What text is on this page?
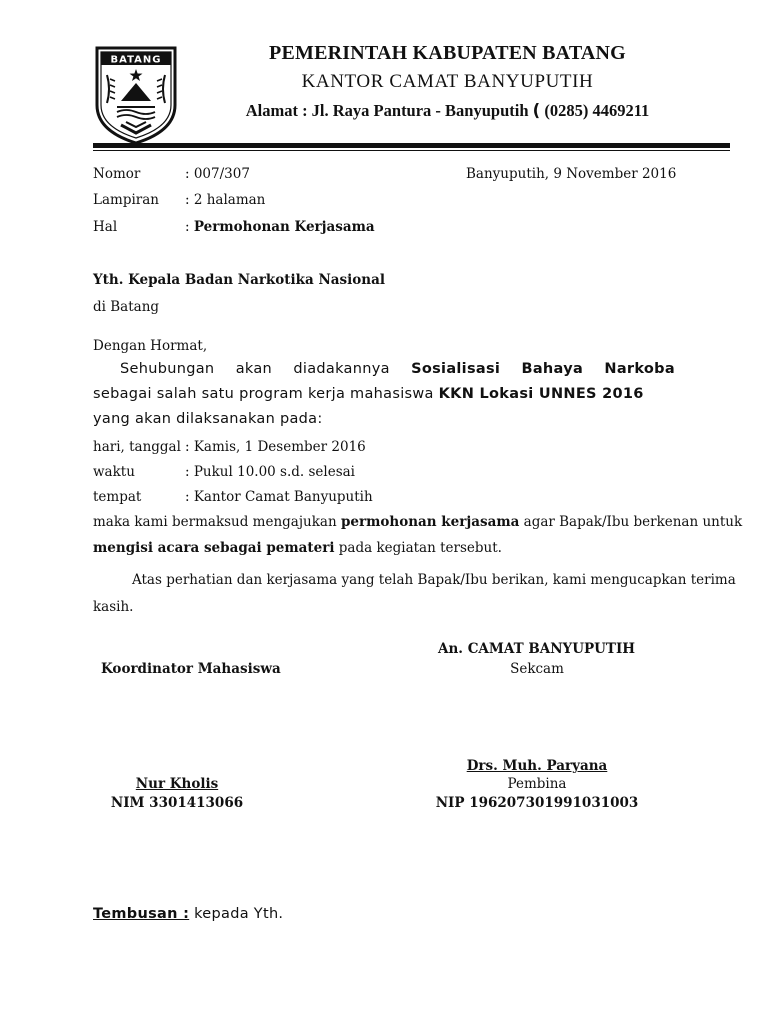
BATANG	PEMERINTAH KABUPATEN BATANG
KANTOR CAMAT BANYUPUTIH
Alamat : Jl. Raya Pantura - Banyuputih ( (0285) 4469211
Nomor	: 007/307	Banyuputih, 9 November 2016
Lampiran : 2 halaman
Hal	: Permohonan Kerjasama
Yth. Kepala Badan Narkotika Nasional
di Batang
Dengan Hormat,
Sehubungan akan diadakannya Sosialisasi Bahaya Narkoba
sebagai salah satu program kerja mahasiswa KKN Lokasi UNNES 2016
yang akan dilaksanakan pada:
hari, tanggal : Kamis, 1 Desember 2016
waktu	: Pukul 10.00 s.d. selesai
tempat	: Kantor Camat Banyuputih
maka kami bermaksud mengajukan permohonan kerjasama agar Bapak/Ibu berkenan untuk
mengisi acara sebagai pemateri pada kegiatan tersebut.
Atas perhatian dan kerjasama yang telah Bapak/Ibu berikan, kami mengucapkan terima
kasih.
An. CAMAT BANYUPUTIH
Sekcam
Koordinator Mahasiswa
Drs. Muh. Paryana
Pembina
NIP 196207301991031003
Nur Kholis
NIM 3301413066
Tembusan : kepada Yth.
